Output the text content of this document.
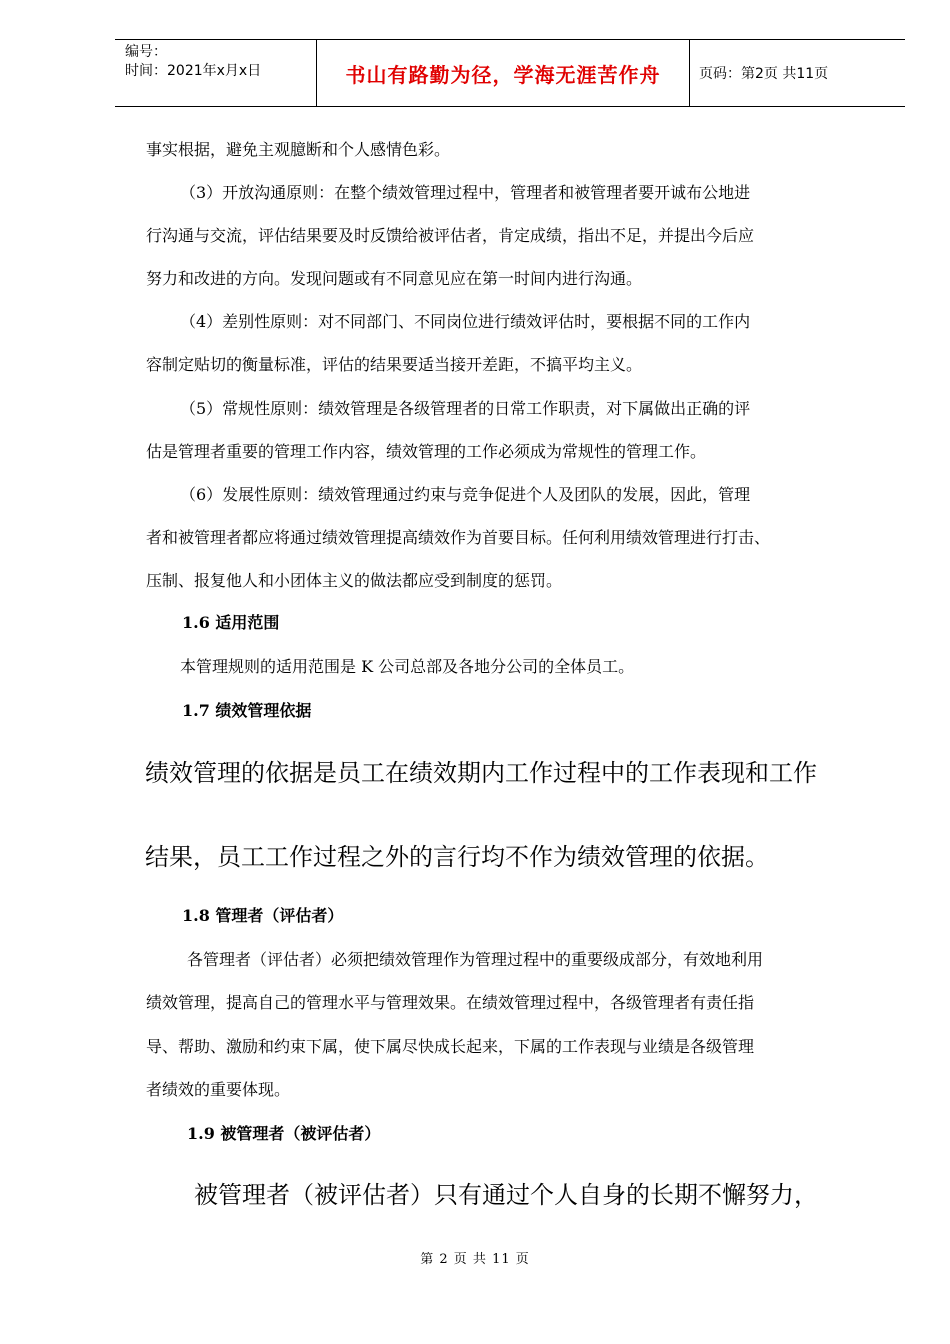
编号：
时间：2021年x月x日	书山有路勤为径，学海无涯苦作舟	页码：第2页 共11页
事实根据，避免主观臆断和个人感情色彩。
（3）开放沟通原则：在整个绩效管理过程中，管理者和被管理者要开诚布公地进
行沟通与交流，评估结果要及时反馈给被评估者，肯定成绩，指出不足，并提出今后应
努力和改进的方向。发现问题或有不同意见应在第一时间内进行沟通。
（4）差别性原则：对不同部门、不同岗位进行绩效评估时，要根据不同的工作内
容制定贴切的衡量标准，评估的结果要适当接开差距，不搞平均主义。
（5）常规性原则：绩效管理是各级管理者的日常工作职责，对下属做出正确的评
估是管理者重要的管理工作内容，绩效管理的工作必须成为常规性的管理工作。
（6）发展性原则：绩效管理通过约束与竞争促进个人及团队的发展，因此，管理
者和被管理者都应将通过绩效管理提高绩效作为首要目标。任何利用绩效管理进行打击、
压制、报复他人和小团体主义的做法都应受到制度的惩罚。
1.6 适用范围
本管理规则的适用范围是 K 公司总部及各地分公司的全体员工。
1.7 绩效管理依据
绩效管理的依据是员工在绩效期内工作过程中的工作表现和工作
结果，员工工作过程之外的言行均不作为绩效管理的依据。
1.8 管理者（评估者）
各管理者（评估者）必须把绩效管理作为管理过程中的重要级成部分，有效地利用
绩效管理，提高自己的管理水平与管理效果。在绩效管理过程中，各级管理者有责任指
导、帮助、激励和约束下属，使下属尽快成长起来，下属的工作表现与业绩是各级管理
者绩效的重要体现。
1.9 被管理者（被评估者）
被管理者（被评估者）只有通过个人自身的长期不懈努力，
第 2 页 共 11 页
